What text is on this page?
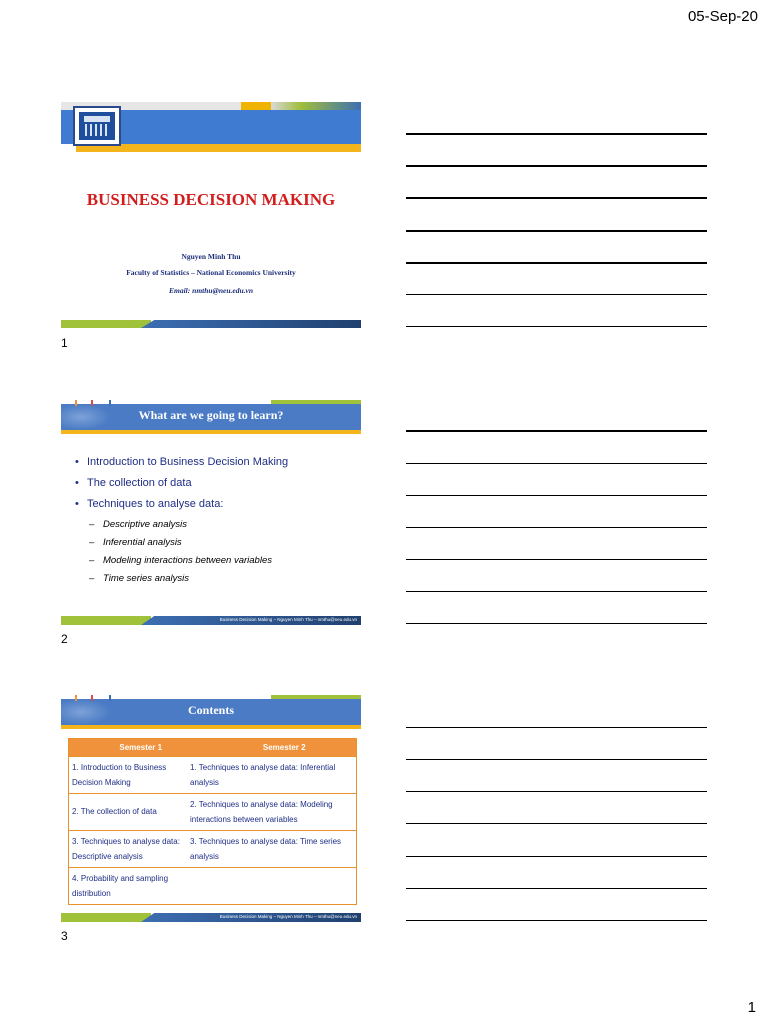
05-Sep-20
BUSINESS DECISION MAKING
Nguyen Minh Thu
Faculty of Statistics – National Economics University
Email: nmthu@neu.edu.vn
1
What are we going to learn?
• Introduction to Business Decision Making
• The collection of data
• Techniques to analyse data:
– Descriptive analysis
– Inferential analysis
– Modeling interactions between variables
– Time series analysis
Business Decision Making – Nguyen Minh Thu – nmthu@neu.edu.vn
2
Contents
Semester 1	Semester 2
1. Introduction to Business Decision Making
1. Techniques to analyse data: Inferential analysis
2. The collection of data
2. Techniques to analyse data: Modeling interactions between variables
3. Techniques to analyse data: Descriptive analysis
3. Techniques to analyse data: Time series analysis
4. Probability and sampling distribution
Business Decision Making – Nguyen Minh Thu – nmthu@neu.edu.vn
3
1
